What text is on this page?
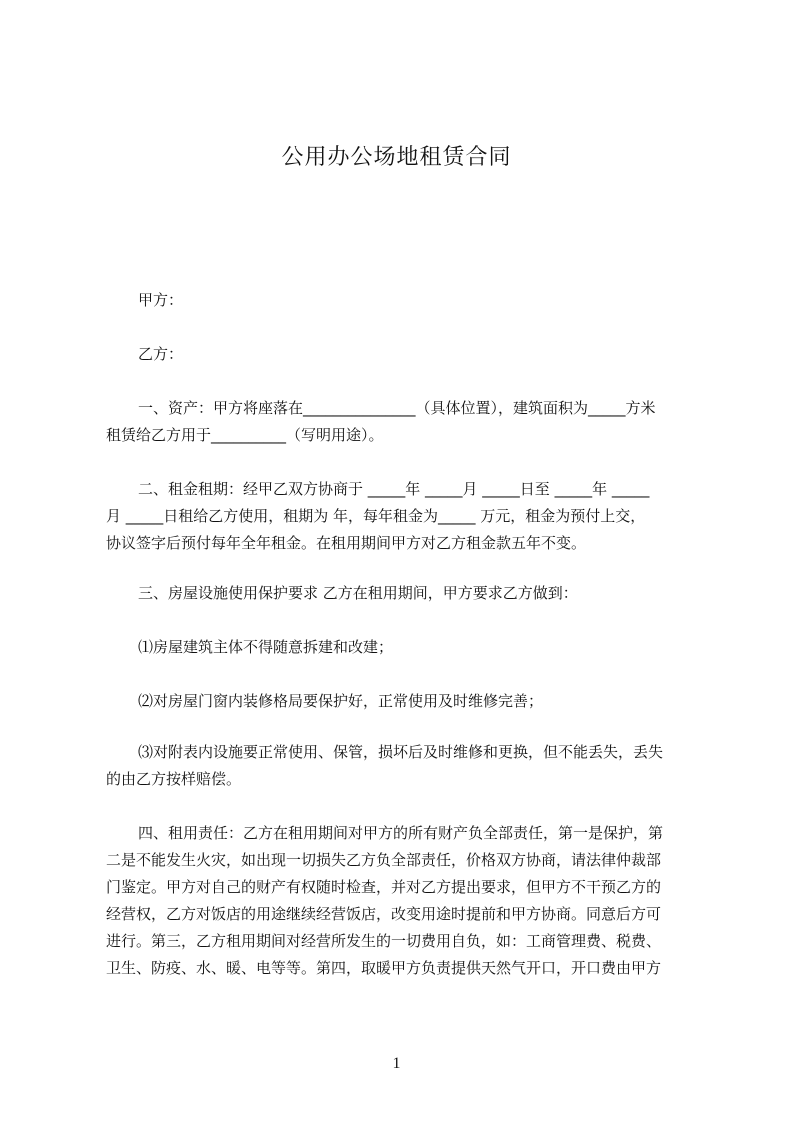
公用办公场地租赁合同
甲方：
乙方：
一、资产：甲方将座落在_______________（具体位置），建筑面积为_____方米
租赁给乙方用于__________（写明用途）。
二、租金租期：经甲乙双方协商于 _____年 _____月 _____日至 _____年 _____
月 _____日租给乙方使用，租期为 年，每年租金为_____ 万元，租金为预付上交，
协议签字后预付每年全年租金。在租用期间甲方对乙方租金款五年不变。
三、房屋设施使用保护要求 乙方在租用期间，甲方要求乙方做到：
⑴房屋建筑主体不得随意拆建和改建；
⑵对房屋门窗内装修格局要保护好，正常使用及时维修完善；
⑶对附表内设施要正常使用、保管，损坏后及时维修和更换，但不能丢失，丢失
的由乙方按样赔偿。
四、租用责任：乙方在租用期间对甲方的所有财产负全部责任，第一是保护，第
二是不能发生火灾，如出现一切损失乙方负全部责任，价格双方协商，请法律仲裁部
门鉴定。甲方对自己的财产有权随时检查，并对乙方提出要求，但甲方不干预乙方的
经营权，乙方对饭店的用途继续经营饭店，改变用途时提前和甲方协商。同意后方可
进行。第三，乙方租用期间对经营所发生的一切费用自负，如：工商管理费、税费、
卫生、防疫、水、暖、电等等。第四，取暖甲方负责提供天然气开口，开口费由甲方
1
